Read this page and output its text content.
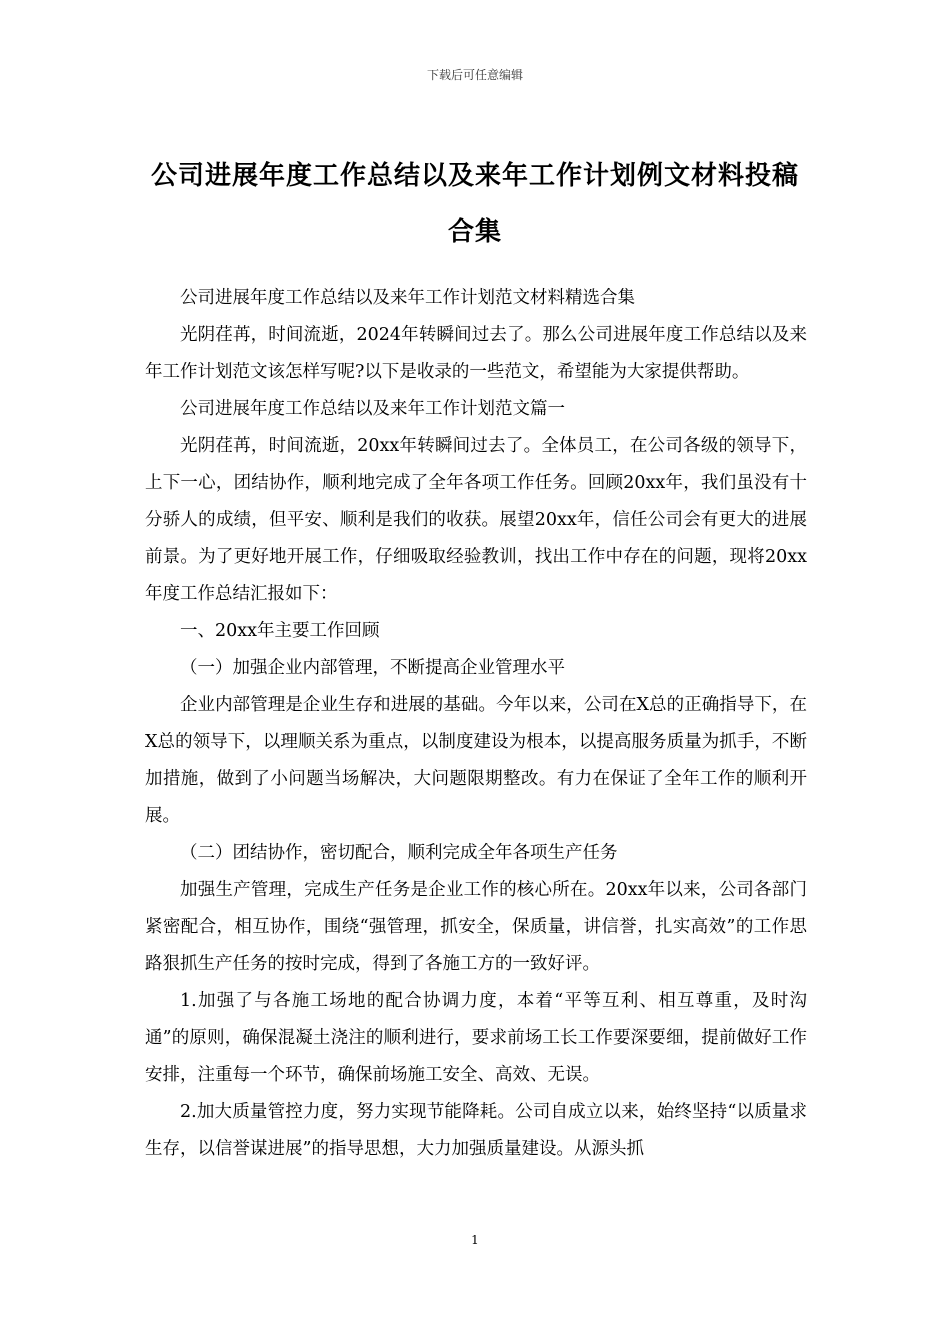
下载后可任意编辑
公司进展年度工作总结以及来年工作计划例文材料投稿合集

公司进展年度工作总结以及来年工作计划范文材料精选合集

光阴荏苒，时间流逝，2024年转瞬间过去了。那么公司进展年度工作总结以及来年工作计划范文该怎样写呢?以下是收录的一些范文，希望能为大家提供帮助。

公司进展年度工作总结以及来年工作计划范文篇一

光阴荏苒，时间流逝，20xx年转瞬间过去了。全体员工，在公司各级的领导下，上下一心，团结协作，顺利地完成了全年各项工作任务。回顾20xx年，我们虽没有十分骄人的成绩，但平安、顺利是我们的收获。展望20xx年，信任公司会有更大的进展前景。为了更好地开展工作，仔细吸取经验教训，找出工作中存在的问题，现将20xx年度工作总结汇报如下：

一、20xx年主要工作回顾

（一）加强企业内部管理，不断提高企业管理水平

企业内部管理是企业生存和进展的基础。今年以来，公司在X总的正确指导下，在X总的领导下，以理顺关系为重点，以制度建设为根本，以提高服务质量为抓手，不断加措施，做到了小问题当场解决，大问题限期整改。有力在保证了全年工作的顺利开展。

（二）团结协作，密切配合，顺利完成全年各项生产任务

加强生产管理，完成生产任务是企业工作的核心所在。20xx年以来，公司各部门紧密配合，相互协作，围绕“强管理，抓安全，保质量，讲信誉，扎实高效”的工作思路狠抓生产任务的按时完成，得到了各施工方的一致好评。

1.加强了与各施工场地的配合协调力度，本着“平等互利、相互尊重，及时沟通”的原则，确保混凝土浇注的顺利进行，要求前场工长工作要深要细，提前做好工作安排，注重每一个环节，确保前场施工安全、高效、无误。

2.加大质量管控力度，努力实现节能降耗。公司自成立以来，始终坚持“以质量求生存，以信誉谋进展”的指导思想，大力加强质量建设。从源头抓

1
